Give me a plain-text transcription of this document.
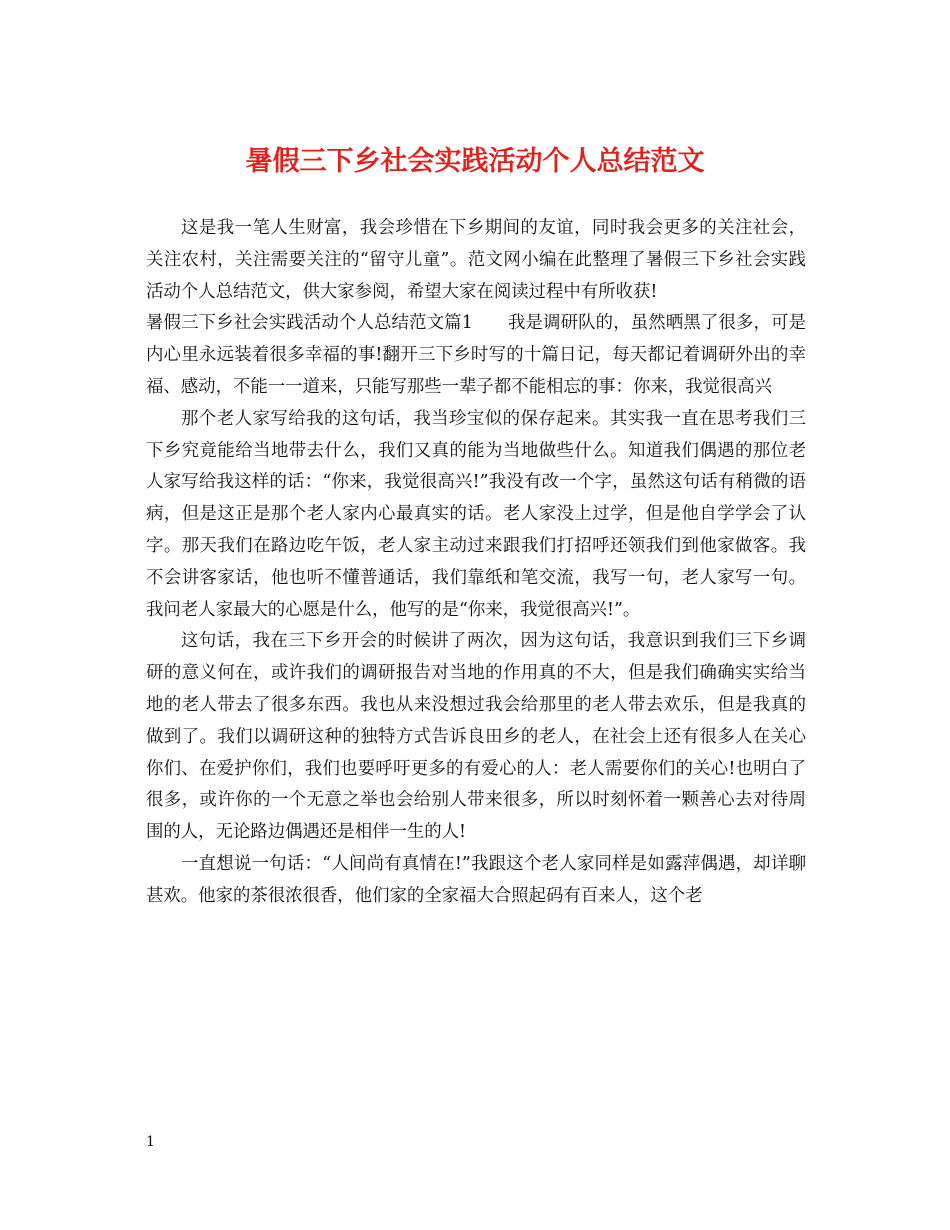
暑假三下乡社会实践活动个人总结范文

这是我一笔人生财富，我会珍惜在下乡期间的友谊，同时我会更多的关注社会，关注农村，关注需要关注的“留守儿童”。范文网小编在此整理了暑假三下乡社会实践活动个人总结范文，供大家参阅，希望大家在阅读过程中有所收获!

暑假三下乡社会实践活动个人总结范文篇1　　我是调研队的，虽然晒黑了很多，可是内心里永远装着很多幸福的事!翻开三下乡时写的十篇日记，每天都记着调研外出的幸福、感动，不能一一道来，只能写那些一辈子都不能相忘的事：你来，我觉很高兴

那个老人家写给我的这句话，我当珍宝似的保存起来。其实我一直在思考我们三下乡究竟能给当地带去什么，我们又真的能为当地做些什么。知道我们偶遇的那位老人家写给我这样的话：“你来，我觉很高兴!”我没有改一个字，虽然这句话有稍微的语病，但是这正是那个老人家内心最真实的话。老人家没上过学，但是他自学学会了认字。那天我们在路边吃午饭，老人家主动过来跟我们打招呼还领我们到他家做客。我不会讲客家话，他也听不懂普通话，我们靠纸和笔交流，我写一句，老人家写一句。我问老人家最大的心愿是什么，他写的是“你来，我觉很高兴!”。

这句话，我在三下乡开会的时候讲了两次，因为这句话，我意识到我们三下乡调研的意义何在，或许我们的调研报告对当地的作用真的不大，但是我们确确实实给当地的老人带去了很多东西。我也从来没想过我会给那里的老人带去欢乐，但是我真的做到了。我们以调研这种的独特方式告诉良田乡的老人，在社会上还有很多人在关心你们、在爱护你们，我们也要呼吁更多的有爱心的人：老人需要你们的关心!也明白了很多，或许你的一个无意之举也会给别人带来很多，所以时刻怀着一颗善心去对待周围的人，无论路边偶遇还是相伴一生的人!

一直想说一句话：“人间尚有真情在!”我跟这个老人家同样是如露萍偶遇，却详聊甚欢。他家的茶很浓很香，他们家的全家福大合照起码有百来人，这个老

1
